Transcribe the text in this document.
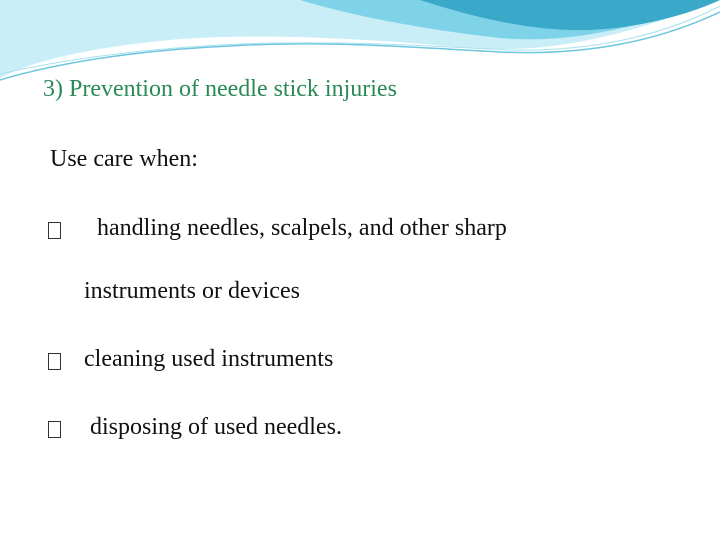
3) Prevention of needle stick injuries
Use care when:
handling needles, scalpels, and other sharp
instruments or devices
cleaning used instruments
disposing of used needles.
